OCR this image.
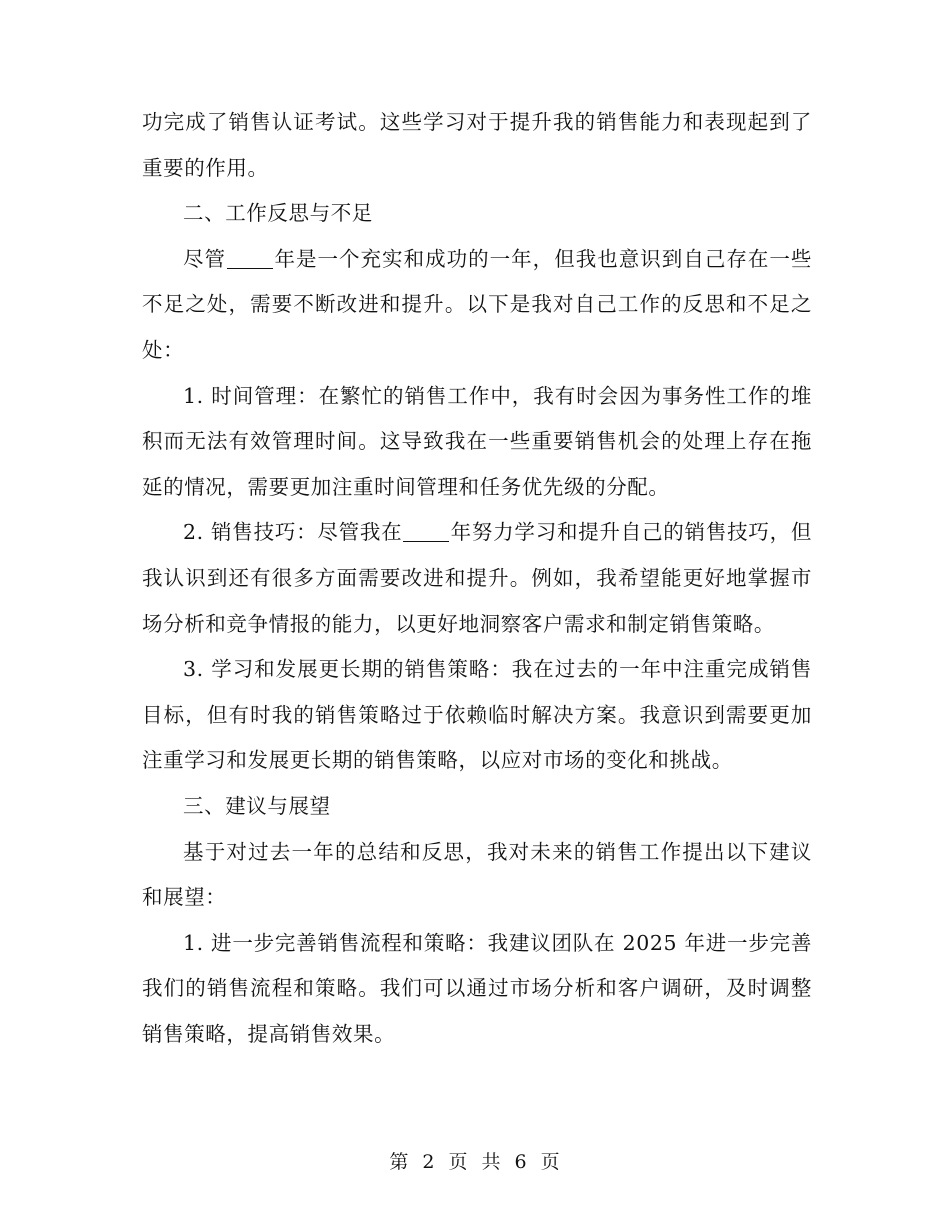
功完成了销售认证考试。这些学习对于提升我的销售能力和表现起到了重要的作用。

二、工作反思与不足

尽管 年是一个充实和成功的一年，但我也意识到自己存在一些不足之处，需要不断改进和提升。以下是我对自己工作的反思和不足之处：

1. 时间管理：在繁忙的销售工作中，我有时会因为事务性工作的堆积而无法有效管理时间。这导致我在一些重要销售机会的处理上存在拖延的情况，需要更加注重时间管理和任务优先级的分配。

2. 销售技巧：尽管我在 年努力学习和提升自己的销售技巧，但我认识到还有很多方面需要改进和提升。例如，我希望能更好地掌握市场分析和竞争情报的能力，以更好地洞察客户需求和制定销售策略。

3. 学习和发展更长期的销售策略：我在过去的一年中注重完成销售目标，但有时我的销售策略过于依赖临时解决方案。我意识到需要更加注重学习和发展更长期的销售策略，以应对市场的变化和挑战。

三、建议与展望

基于对过去一年的总结和反思，我对未来的销售工作提出以下建议和展望：

1. 进一步完善销售流程和策略：我建议团队在 2025 年进一步完善我们的销售流程和策略。我们可以通过市场分析和客户调研，及时调整销售策略，提高销售效果。

第 2 页 共 6 页
